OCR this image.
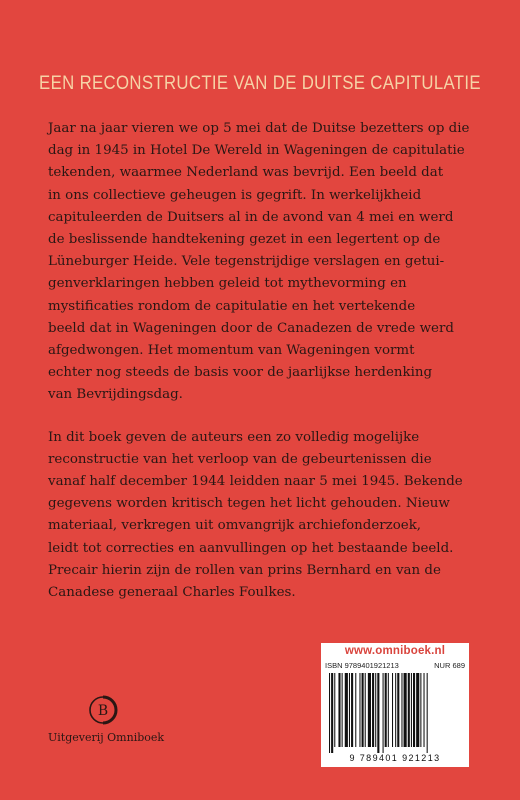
EEN RECONSTRUCTIE VAN DE DUITSE CAPITULATIE

Jaar na jaar vieren we op 5 mei dat de Duitse bezetters op die
dag in 1945 in Hotel De Wereld in Wageningen de capitulatie
tekenden, waarmee Nederland was bevrijd. Een beeld dat
in ons collectieve geheugen is gegrift. In werkelijkheid
capituleerden de Duitsers al in de avond van 4 mei en werd
de beslissende handtekening gezet in een legertent op de
Lüneburger Heide. Vele tegenstrijdige verslagen en getui-
genverklaringen hebben geleid tot mythevorming en
mystificaties rondom de capitulatie en het vertekende
beeld dat in Wageningen door de Canadezen de vrede werd
afgedwongen. Het momentum van Wageningen vormt
echter nog steeds de basis voor de jaarlijkse herdenking
van Bevrijdingsdag.

In dit boek geven de auteurs een zo volledig mogelijke
reconstructie van het verloop van de gebeurtenissen die
vanaf half december 1944 leidden naar 5 mei 1945. Bekende
gegevens worden kritisch tegen het licht gehouden. Nieuw
materiaal, verkregen uit omvangrijk archiefonderzoek,
leidt tot correcties en aanvullingen op het bestaande beeld.
Precair hierin zijn de rollen van prins Bernhard en van de
Canadese generaal Charles Foulkes.

B
Uitgeverij Omniboek
www.omniboek.nl
ISBN 9789401921213	NUR 689
9 789401 921213
